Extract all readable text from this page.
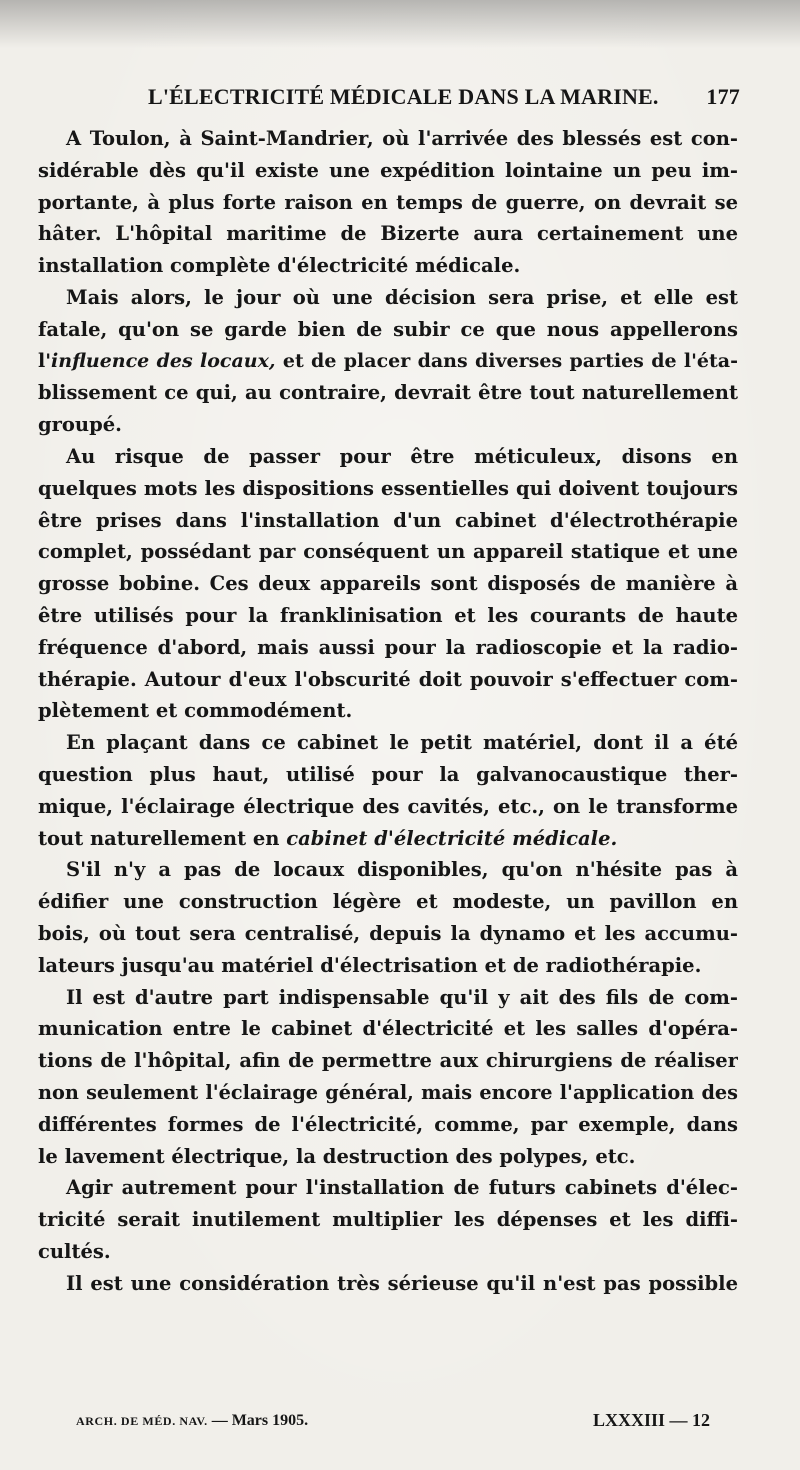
L'ÉLECTRICITÉ MÉDICALE DANS LA MARINE. 177
A Toulon, à Saint-Mandrier, où l'arrivée des blessés est con-
sidérable dès qu'il existe une expédition lointaine un peu im-
portante, à plus forte raison en temps de guerre, on devrait se
hâter. L'hôpital maritime de Bizerte aura certainement une
installation complète d'électricité médicale.
Mais alors, le jour où une décision sera prise, et elle est
fatale, qu'on se garde bien de subir ce que nous appellerons
l'influence des locaux, et de placer dans diverses parties de l'éta-
blissement ce qui, au contraire, devrait être tout naturellement
groupé.
Au risque de passer pour être méticuleux, disons en
quelques mots les dispositions essentielles qui doivent toujours
être prises dans l'installation d'un cabinet d'électrothérapie
complet, possédant par conséquent un appareil statique et une
grosse bobine. Ces deux appareils sont disposés de manière à
être utilisés pour la franklinisation et les courants de haute
fréquence d'abord, mais aussi pour la radioscopie et la radio-
thérapie. Autour d'eux l'obscurité doit pouvoir s'effectuer com-
plètement et commodément.
En plaçant dans ce cabinet le petit matériel, dont il a été
question plus haut, utilisé pour la galvanocaustique ther-
mique, l'éclairage électrique des cavités, etc., on le transforme
tout naturellement en cabinet d'électricité médicale.
S'il n'y a pas de locaux disponibles, qu'on n'hésite pas à
édifier une construction légère et modeste, un pavillon en
bois, où tout sera centralisé, depuis la dynamo et les accumu-
lateurs jusqu'au matériel d'électrisation et de radiothérapie.
Il est d'autre part indispensable qu'il y ait des fils de com-
munication entre le cabinet d'électricité et les salles d'opéra-
tions de l'hôpital, afin de permettre aux chirurgiens de réaliser
non seulement l'éclairage général, mais encore l'application des
différentes formes de l'électricité, comme, par exemple, dans
le lavement électrique, la destruction des polypes, etc.
Agir autrement pour l'installation de futurs cabinets d'élec-
tricité serait inutilement multiplier les dépenses et les diffi-
cultés.
Il est une considération très sérieuse qu'il n'est pas possible
ARCH. DE MÉD. NAV. — Mars 1905.	LXXXIII — 12
